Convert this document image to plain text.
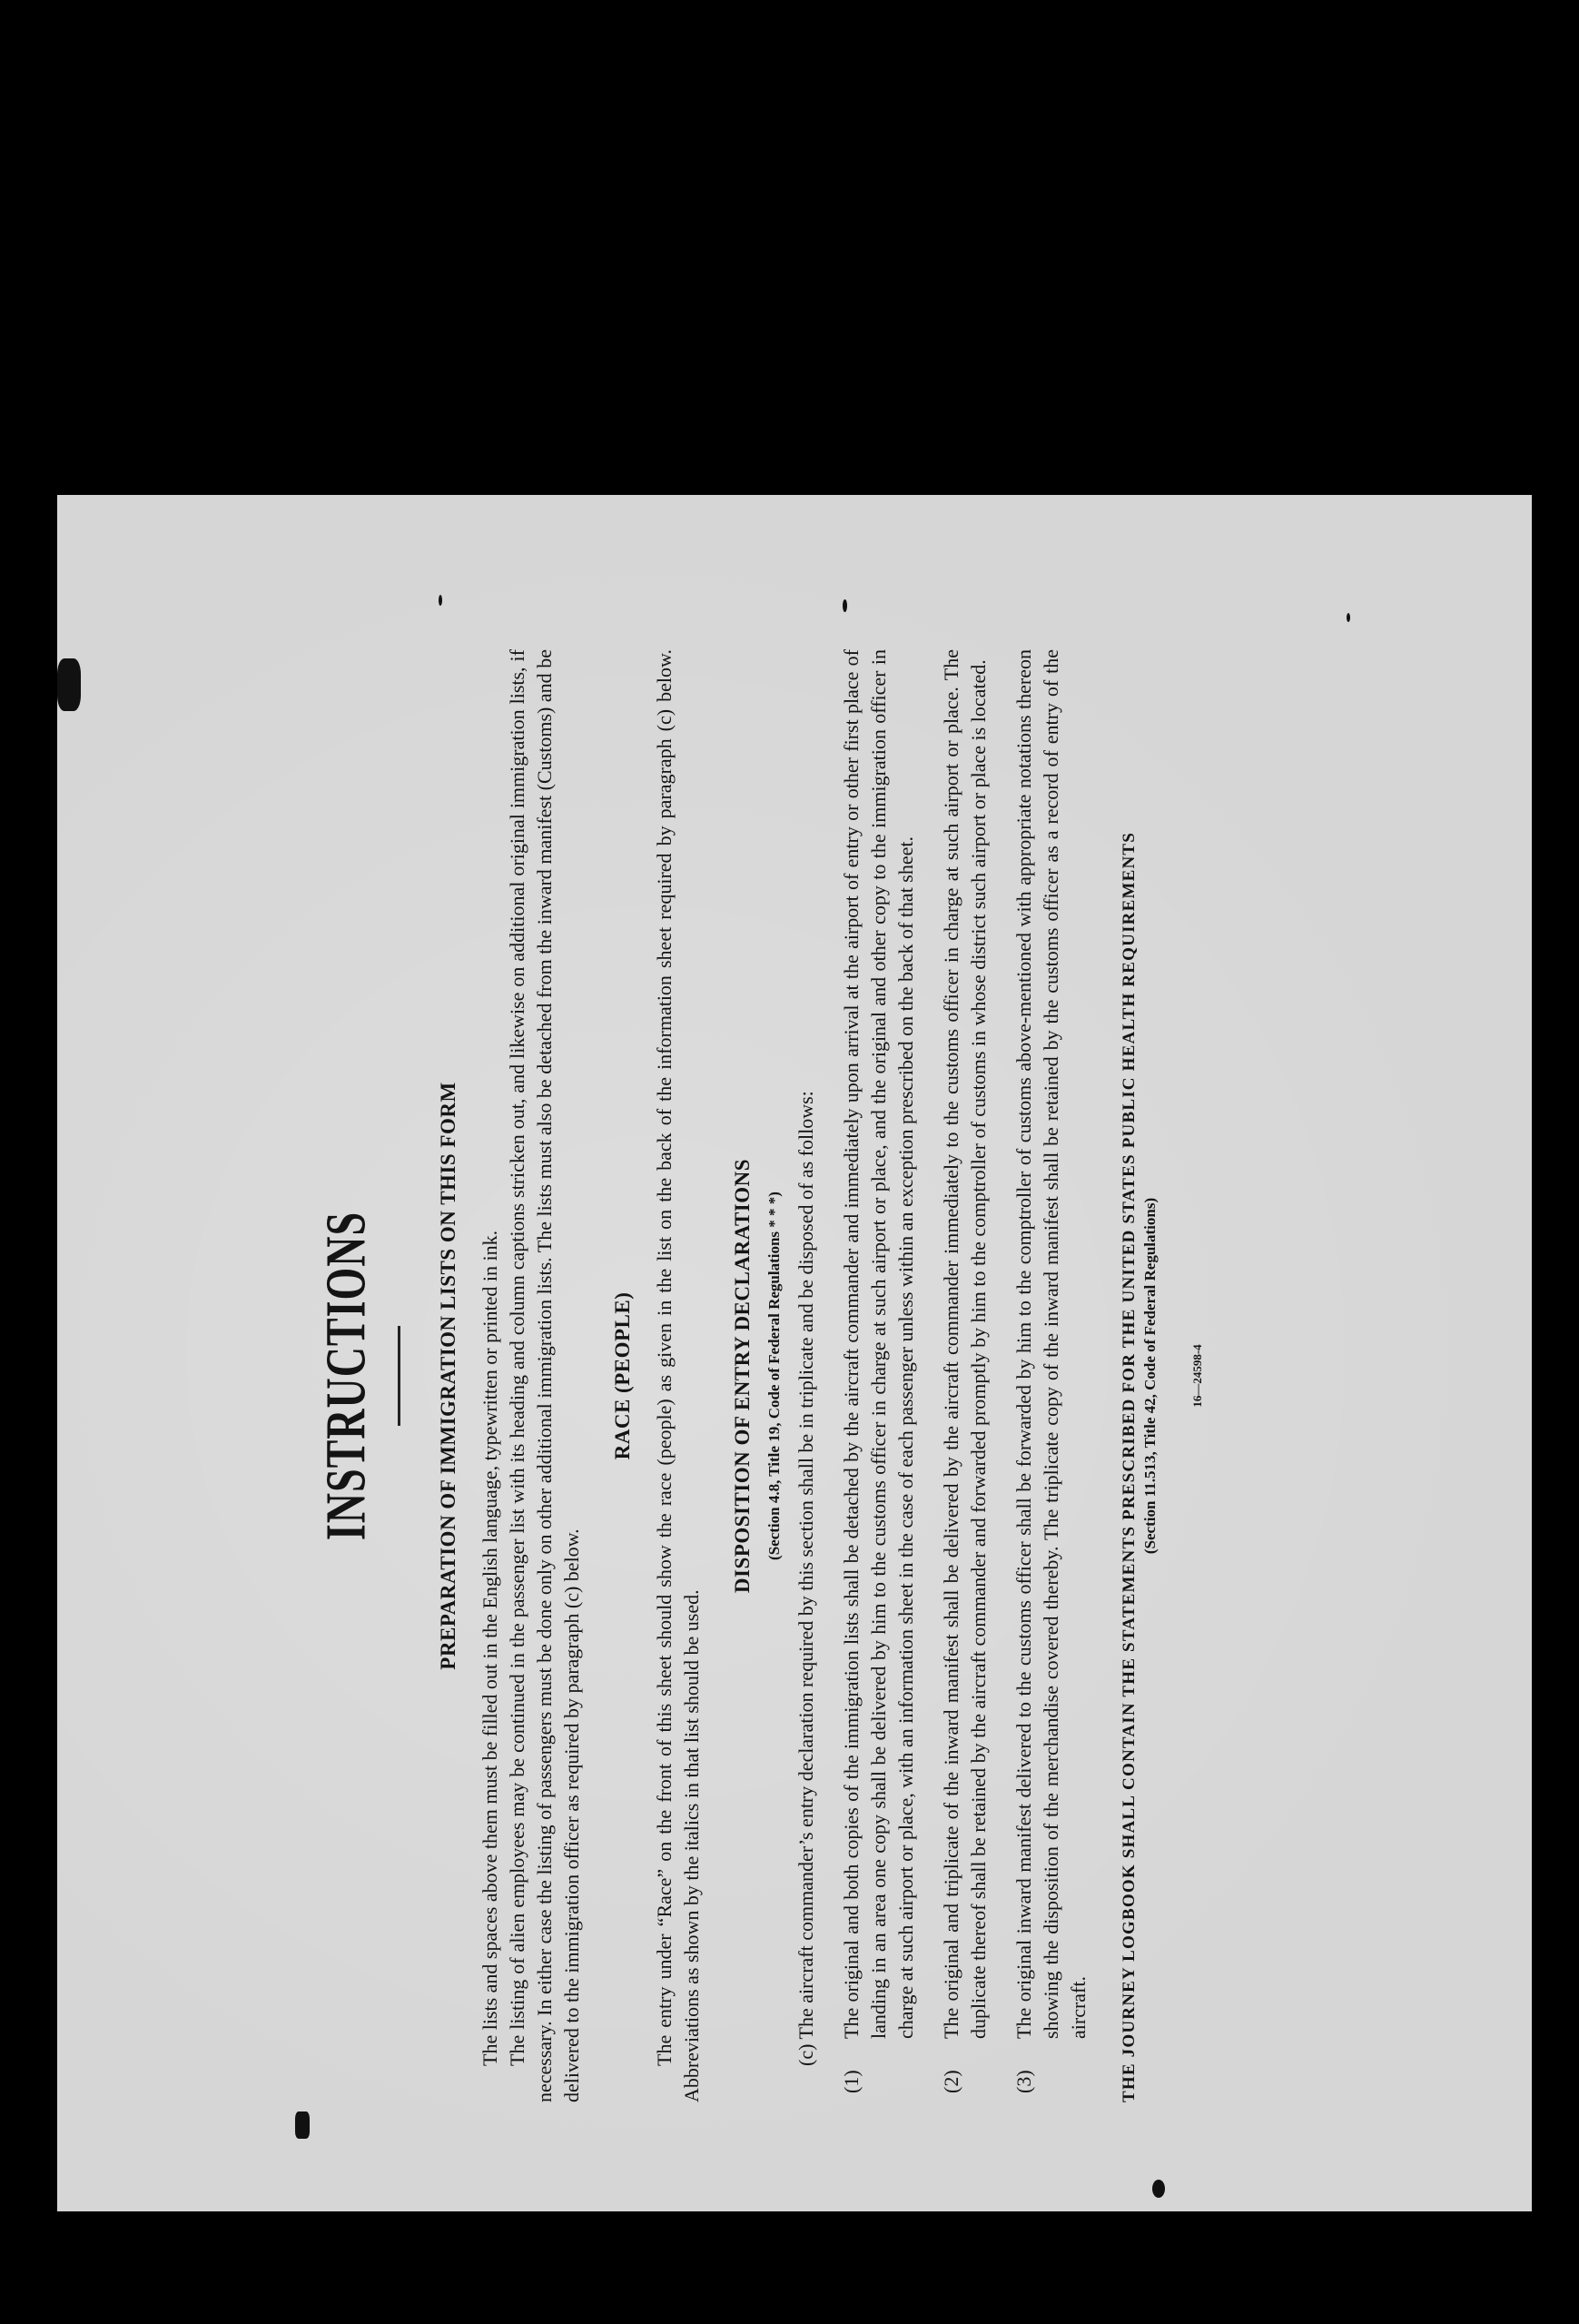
INSTRUCTIONS	PREPARATION OF IMMIGRATION LISTS ON THIS FORM The lists and spaces above them must be filled out in the English language, typewritten or printed in ink. The listing of alien employees may be continued in the passenger list with its heading and column captions stricken out, and likewise on additional original immigration lists, if necessary. In either case the listing of passengers must be done only on other additional immigration lists. The lists must also be detached from the inward manifest (Customs) and be delivered to the immigration officer as required by paragraph (c) below.

RACE (PEOPLE) The entry under “Race” on the front of this sheet should show the race (people) as given in the list on the back of the information sheet required by paragraph (c) below. Abbreviations as shown by the italics in that list should be used.

DISPOSITION OF ENTRY DECLARATIONS (Section 4.8, Title 19, Code of Federal Regulations * * *) (c) The aircraft commander’s entry declaration required by this section shall be in triplicate and be disposed of as follows:

(1)
The original and both copies of the immigration lists shall be detached by the aircraft commander and immediately upon arrival at the airport of entry or other first place of landing in an area one copy shall be delivered by him to the customs officer in charge at such airport or place, and the original and other copy to the immigration officer in charge at such airport or place, with an information sheet in the case of each passenger unless within an exception prescribed on the back of that sheet.
(2)
The original and triplicate of the inward manifest shall be delivered by the aircraft commander immediately to the customs officer in charge at such airport or place. The duplicate thereof shall be retained by the aircraft commander and forwarded promptly by him to the comptroller of customs in whose district such airport or place is located.
(3)
The original inward manifest delivered to the customs officer shall be forwarded by him to the comptroller of customs above-mentioned with appropriate notations thereon showing the disposition of the merchandise covered thereby. The triplicate copy of the inward manifest shall be retained by the customs officer as a record of entry of the aircraft. THE JOURNEY LOGBOOK SHALL CONTAIN THE STATEMENTS PRESCRIBED FOR THE UNITED STATES PUBLIC HEALTH REQUIREMENTS (Section 11.513, Title 42, Code of Federal Regulations)	16—24598-4
